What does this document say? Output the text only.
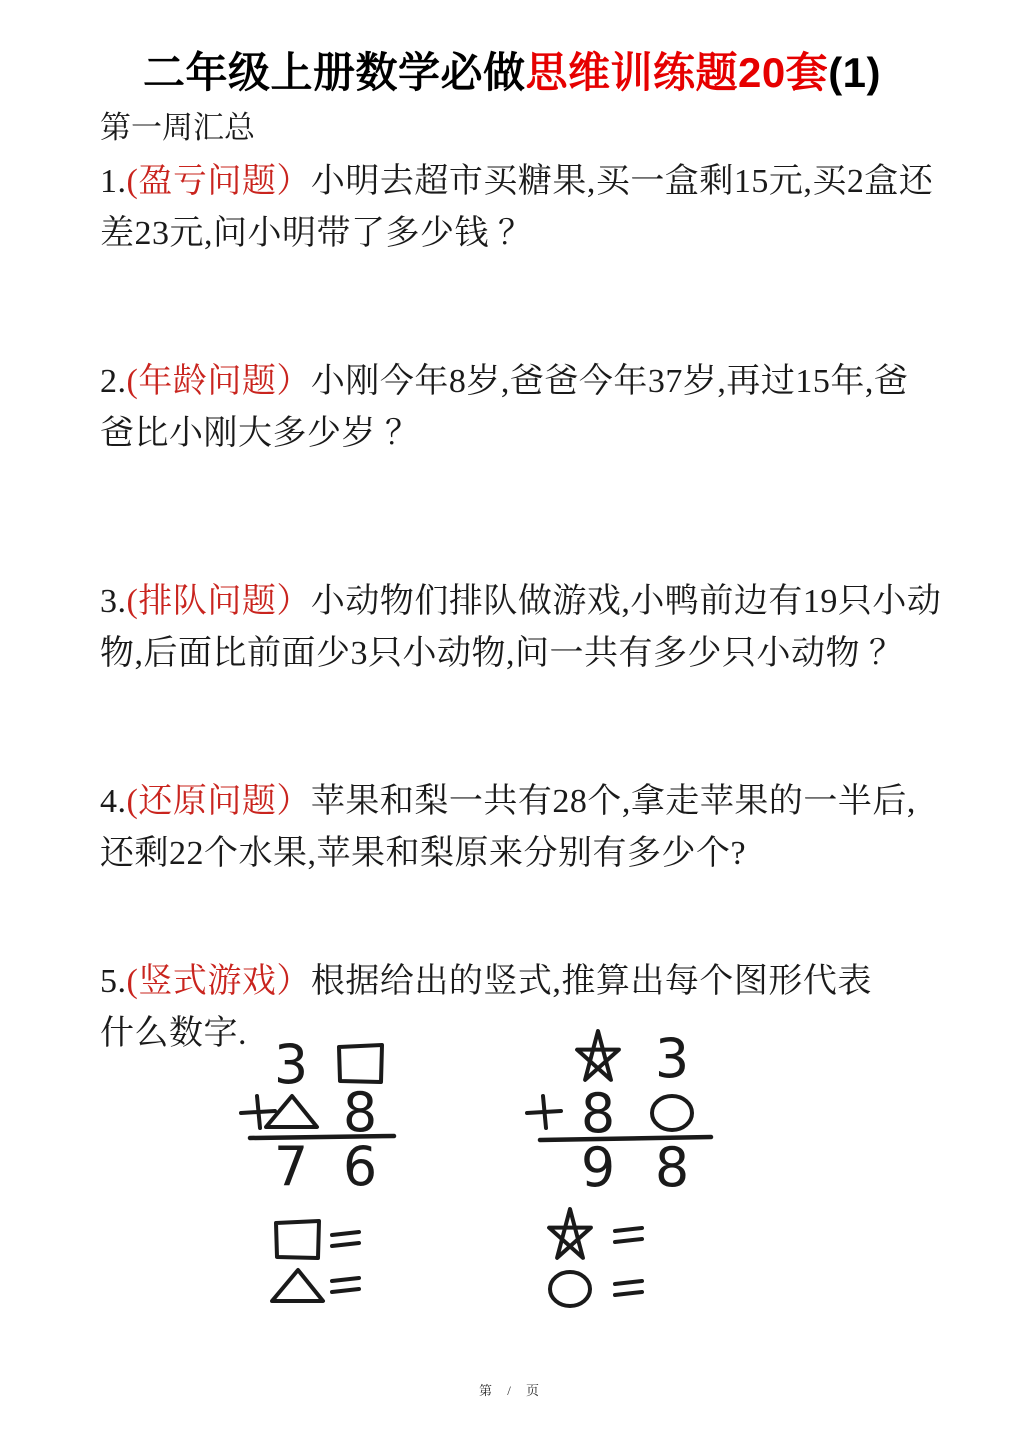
二年级上册数学必做思维训练题20套(1)

第一周汇总

1.(盈亏问题）小明去超市买糖果,买一盒剩15元,买2盒还
差23元,问小明带了多少钱 ？
2.(年龄问题）小刚今年8岁,爸爸今年37岁,再过15年,爸
爸比小刚大多少岁 ？
3.(排队问题）小动物们排队做游戏,小鸭前边有19只小动
物,后面比前面少3只小动物,问一共有多少只小动物 ？
4.(还原问题）苹果和梨一共有28个,拿走苹果的一半后,
还剩22个水果,苹果和梨原来分别有多少个?
5.(竖式游戏）根据给出的竖式,推算出每个图形代表
什么数字. 3
8
7 6
3
8
9 8
第 / 页
